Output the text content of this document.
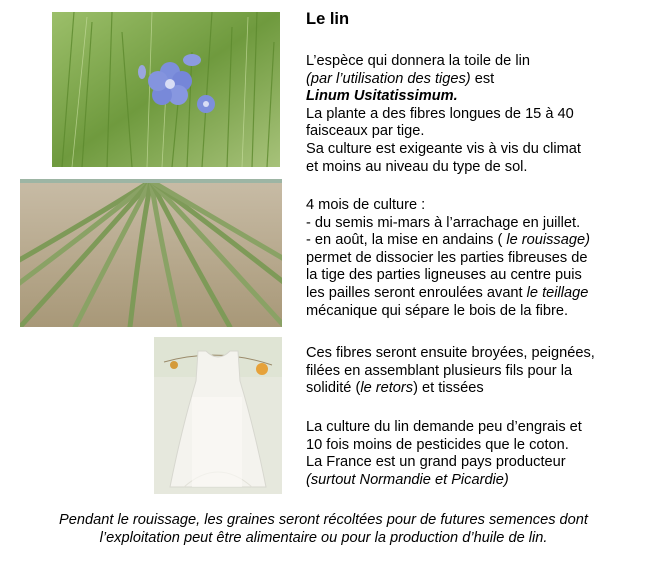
Le lin

L’espèce qui donnera la toile de lin

(par l’utilisation des tiges) est

Linum Usitatissimum.

La plante a des fibres longues de 15 à 40

faisceaux par tige.

Sa culture est exigeante vis à vis du climat

et moins au niveau du type de sol.

4 mois de culture :

- du semis mi-mars à l’arrachage en juillet.

- en août, la mise en andains ( le rouissage)

permet de dissocier les parties fibreuses de

la tige des parties ligneuses au centre puis

les pailles seront enroulées avant le teillage

mécanique qui sépare le bois de la fibre.

Ces fibres seront ensuite broyées, peignées,

filées en assemblant plusieurs fils pour la

solidité (le retors) et tissées

La culture du lin demande peu d’engrais et

10 fois moins de pesticides que le coton.

La France est un grand pays producteur

(surtout Normandie et Picardie)

Pendant le rouissage, les graines seront récoltées pour de futures semences dont
l’exploitation peut être alimentaire ou pour la production d’huile de lin.
